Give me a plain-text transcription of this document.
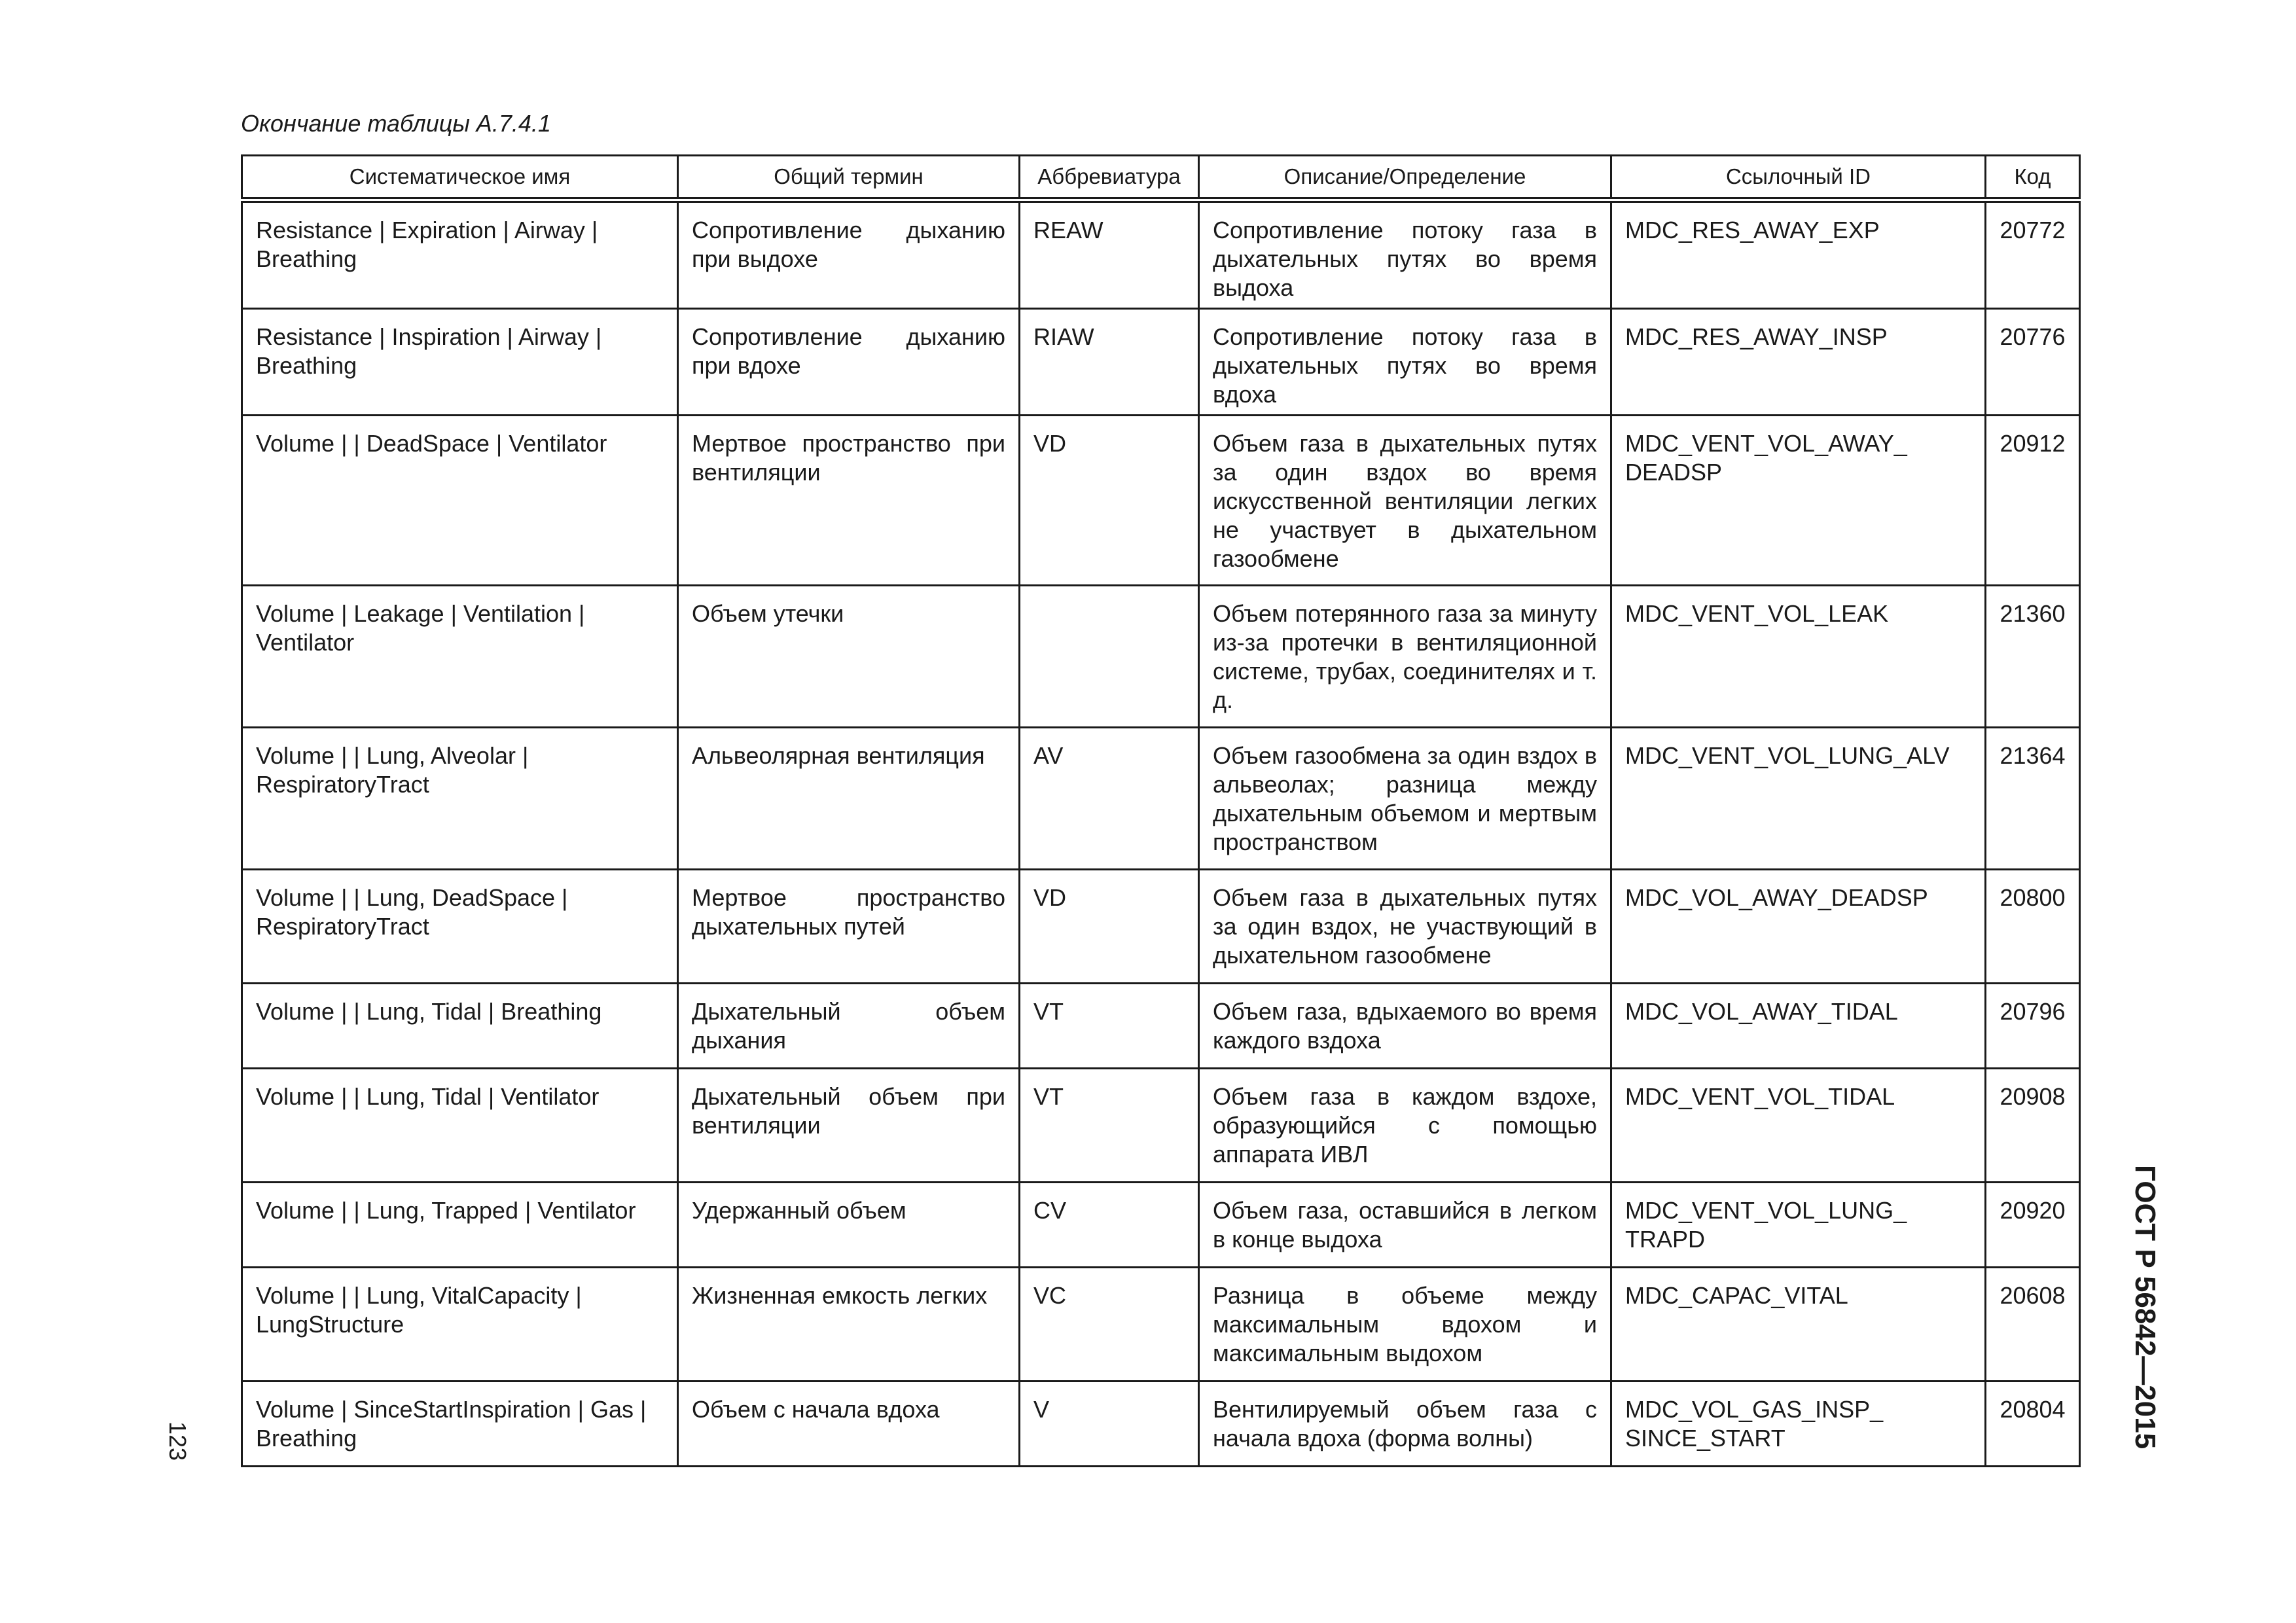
Окончание таблицы А.7.4.1
Систематическое имя	Общий термин	Аббревиатура	Описание/Определение	Ссылочный ID	Код
Resistance | Expiration | Airway | Breathing	Сопротивление дыханию при выдохе	REAW	Сопротивление потоку газа в дыхательных путях во время выдоха	MDC_RES_AWAY_EXP	20772
Resistance | Inspiration | Airway | Breathing	Сопротивление дыханию при вдохе	RIAW	Сопротивление потоку газа в дыхательных путях во время вдоха	MDC_RES_AWAY_INSP	20776
Volume | | DeadSpace | Ventilator	Мертвое пространство при вентиляции	VD	Объем газа в дыхательных путях за один вздох во время искусственной вентиляции легких не участвует в дыхательном газообмене	MDC_VENT_VOL_AWAY_ DEADSP	20912
Volume | Leakage | Ventilation | Ventilator	Объем утечки		Объем потерянного газа за минуту из-за протечки в вентиляционной системе, трубах, соединителях и т. д.	MDC_VENT_VOL_LEAK	21360
Volume | | Lung, Alveolar | RespiratoryTract	Альвеолярная вентиляция	AV	Объем газообмена за один вздох в альвеолах; разница между дыхательным объемом и мертвым пространством	MDC_VENT_VOL_LUNG_ALV	21364
Volume | | Lung, DeadSpace | RespiratoryTract	Мертвое пространство дыхательных путей	VD	Объем газа в дыхательных путях за один вздох, не участвующий в дыхательном газообмене	MDC_VOL_AWAY_DEADSP	20800
Volume | | Lung, Tidal | Breathing	Дыхательный объем дыхания	VT	Объем газа, вдыхаемого во время каждого вздоха	MDC_VOL_AWAY_TIDAL	20796
Volume | | Lung, Tidal | Ventilator	Дыхательный объем при вентиляции	VT	Объем газа в каждом вздохе, образующийся с помощью аппарата ИВЛ	MDC_VENT_VOL_TIDAL	20908
Volume | | Lung, Trapped | Ventilator	Удержанный объем	CV	Объем газа, оставшийся в легком в конце выдоха	MDC_VENT_VOL_LUNG_ TRAPD	20920
Volume | | Lung, VitalCapacity | LungStructure	Жизненная емкость легких	VC	Разница в объеме между максимальным вдохом и максимальным выдохом	MDC_CAPAC_VITAL	20608
Volume | SinceStartInspiration | Gas | Breathing	Объем с начала вдоха	V	Вентилируемый объем газа с начала вдоха (форма волны)	MDC_VOL_GAS_INSP_ SINCE_START	20804
123	ГОСТ Р 56842—2015
